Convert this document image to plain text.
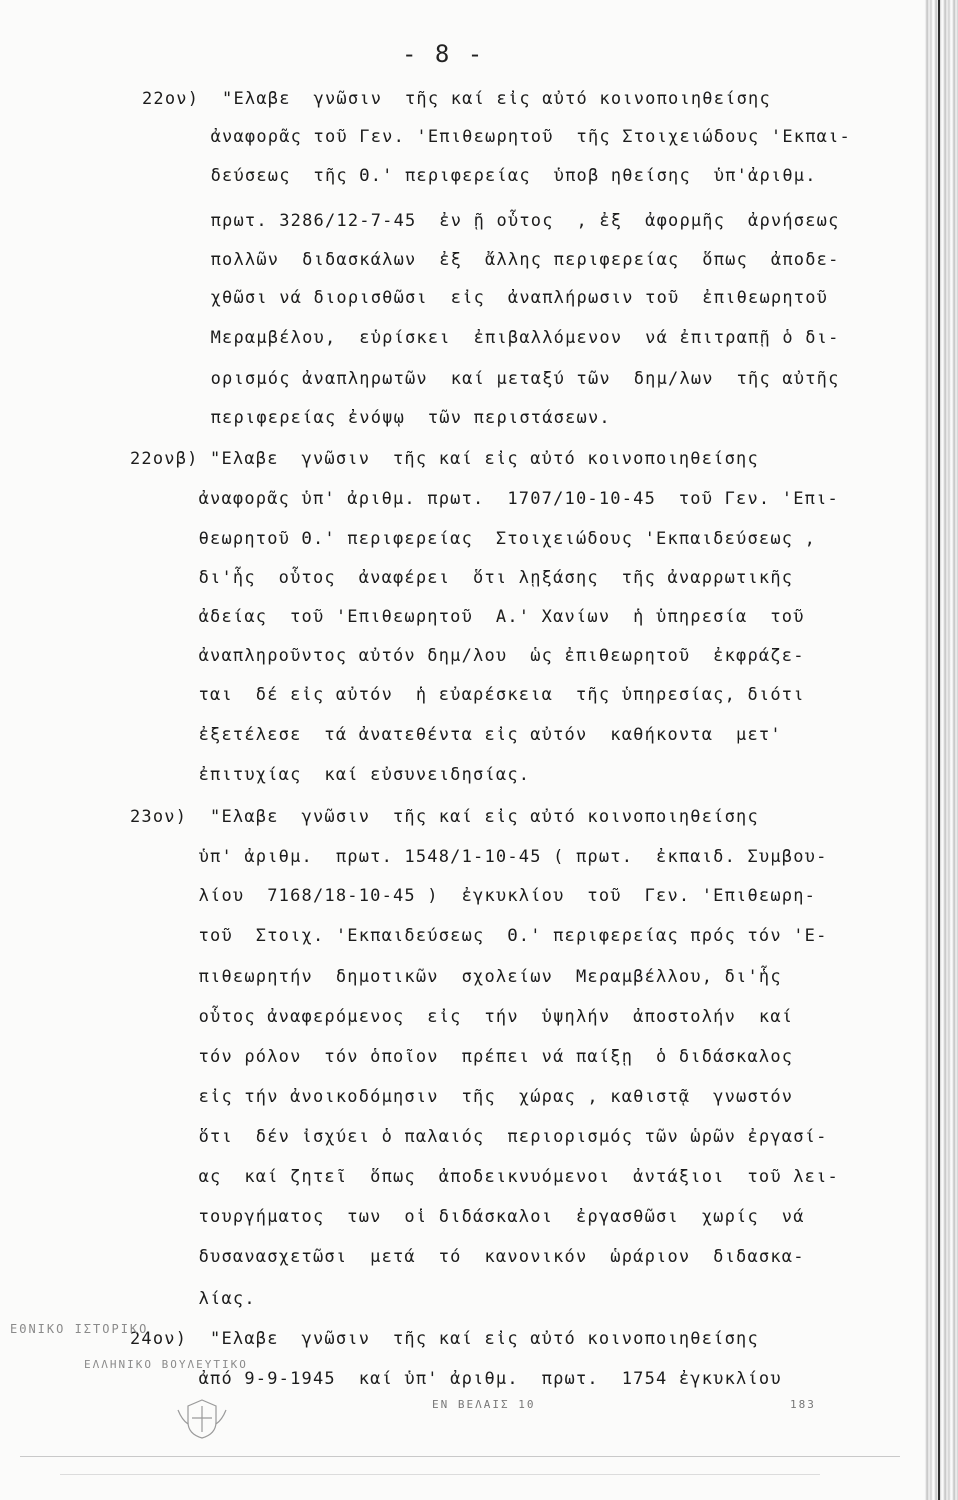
- 8 -
22ον)  "Ελαβε  γνῶσιν  τῆς καί εἰς αὐτό κοινοποιηθείσης
ἀναφορᾶς τοῦ Γεν. 'Επιθεωρητοῦ  τῆς Στοιχειώδους 'Εκπαι-
δεύσεως  τῆς Θ.' περιφερείας  ὑποβ ηθείσης  ὑπ'ἀριθμ.
πρωτ. 3286/12-7-45  ἐν ῇ οὗτος  , ἐξ  ἀφορμῆς  ἀρνήσεως
πολλῶν  διδασκάλων  ἐξ  ἄλλης περιφερείας  ὅπως  ἀποδε-
χθῶσι νά διορισθῶσι  εἰς  ἀναπλήρωσιν τοῦ  ἐπιθεωρητοῦ
Μεραμβέλου,  εὑρίσκει  ἐπιβαλλόμενον  νά ἐπιτραπῇ ὁ δι-
ορισμός ἀναπληρωτῶν  καί μεταξύ τῶν  δημ/λων  τῆς αὐτῆς
περιφερείας ἐνόψῳ  τῶν περιστάσεων.
22ονβ) "Ελαβε  γνῶσιν  τῆς καί εἰς αὐτό κοινοποιηθείσης
ἀναφορᾶς ὑπ' ἀριθμ. πρωτ.  1707/10-10-45  τοῦ Γεν. 'Επι-
θεωρητοῦ Θ.' περιφερείας  Στοιχειώδους 'Εκπαιδεύσεως ,
δι'ἧς  οὗτος  ἀναφέρει  ὅτι λῃξάσης  τῆς ἀναρρωτικῆς
ἀδείας  τοῦ 'Επιθεωρητοῦ  Α.' Χανίων  ἡ ὑπηρεσία  τοῦ
ἀναπληροῦντος αὐτόν δημ/λου  ὡς ἐπιθεωρητοῦ  ἐκφράζε-
ται  δέ εἰς αὐτόν  ἡ εὐαρέσκεια  τῆς ὑπηρεσίας, διότι
ἐξετέλεσε  τά ἀνατεθέντα εἰς αὐτόν  καθήκοντα  μετ'
ἐπιτυχίας  καί εὐσυνειδησίας.
23ον)  "Ελαβε  γνῶσιν  τῆς καί εἰς αὐτό κοινοποιηθείσης
ὑπ' ἀριθμ.  πρωτ. 1548/1-10-45 ( πρωτ.  ἐκπαιδ. Συμβου-
λίου  7168/18-10-45 )  ἐγκυκλίου  τοῦ  Γεν. 'Επιθεωρη-
τοῦ  Στοιχ. 'Εκπαιδεύσεως  Θ.' περιφερείας πρός τόν 'Ε-
πιθεωρητήν  δημοτικῶν  σχολείων  Μεραμβέλλου, δι'ἧς
οὗτος ἀναφερόμενος  εἰς  τήν  ὑψηλήν  ἀποστολήν  καί
τόν ρόλον  τόν ὁποῖον  πρέπει νά παίξῃ  ὁ διδάσκαλος
εἰς τήν ἀνοικοδόμησιν  τῆς  χώρας , καθιστᾷ  γνωστόν
ὅτι  δέν ἰσχύει ὁ παλαιός  περιορισμός τῶν ὡρῶν ἐργασί-
ας  καί ζητεῖ  ὅπως  ἀποδεικνυόμενοι  ἀντάξιοι  τοῦ λει-
τουργήματος  των  οἱ διδάσκαλοι  ἐργασθῶσι  χωρίς  νά
δυσανασχετῶσι  μετά  τό  κανονικόν  ὡράριον  διδασκα-
λίας.
24ον)  "Ελαβε  γνῶσιν  τῆς καί εἰς αὐτό κοινοποιηθείσης
ἀπό 9-9-1945  καί ὑπ' ἀριθμ.  πρωτ.  1754 ἐγκυκλίου
ΕΘΝΙΚΟ ΙΣΤΟΡΙΚΟ
ΕΛΛΗΝΙΚΟ ΒΟΥΛΕΥΤΙΚΟ
ΕΝ ΒΕΛΑΙΣ 10	183
